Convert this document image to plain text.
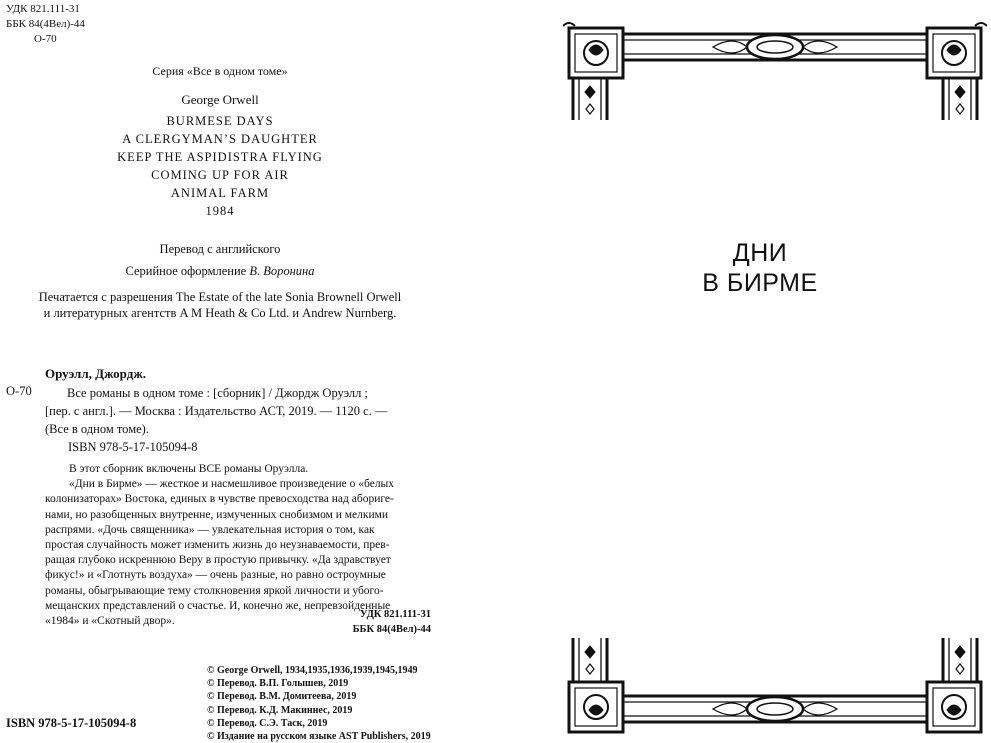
УДК 821.111-31
ББК 84(4Вел)-44
О-70
Серия «Все в одном томе»
George Orwell
BURMESE DAYS
A CLERGYMAN’S DAUGHTER
KEEP THE ASPIDISTRA FLYING
COMING UP FOR AIR
ANIMAL FARM
1984
Перевод с английского
Серийное оформление В. Воронина
Печатается с разрешения The Estate of the late Sonia Brownell Orwell
и литературных агентств A M Heath & Co Ltd. и Andrew Nurnberg.
Оруэлл, Джордж.
О-70	Все романы в одном томе : [сборник] / Джордж Оруэлл ;
[пер. с англ.]. — Москва : Издательство АСТ, 2019. — 1120 с. —
(Все в одном томе).
ISBN 978-5-17-105094-8
В этот сборник включены ВСЕ романы Оруэлла.
«Дни в Бирме» — жесткое и насмешливое произведение о «белых
колонизаторах» Востока, единых в чувстве превосходства над абориге-
нами, но разобщенных внутренне, измученных снобизмом и мелкими
распрями. «Дочь священника» — увлекательная история о том, как
простая случайность может изменить жизнь до неузнаваемости, прев-
ращая глубоко искреннюю Веру в простую привычку. «Да здравствует
фикус!» и «Глотнуть воздуха» — очень разные, но равно остроумные
романы, обыгрывающие тему столкновения яркой личности и убого-
мещанских представлений о счастье. И, конечно же, непревзойденные
«1984» и «Скотный двор».
УДК 821.111-31
ББК 84(4Вел)-44
© George Orwell, 1934,1935,1936,1939,1945,1949
© Перевод. В.П. Голышев, 2019
© Перевод. В.М. Домитеева, 2019
© Перевод. К.Д. Макиннес, 2019
© Перевод. С.Э. Таск, 2019
© Издание на русском языке AST Publishers, 2019
ISBN 978-5-17-105094-8
ДНИ
В БИРМЕ
